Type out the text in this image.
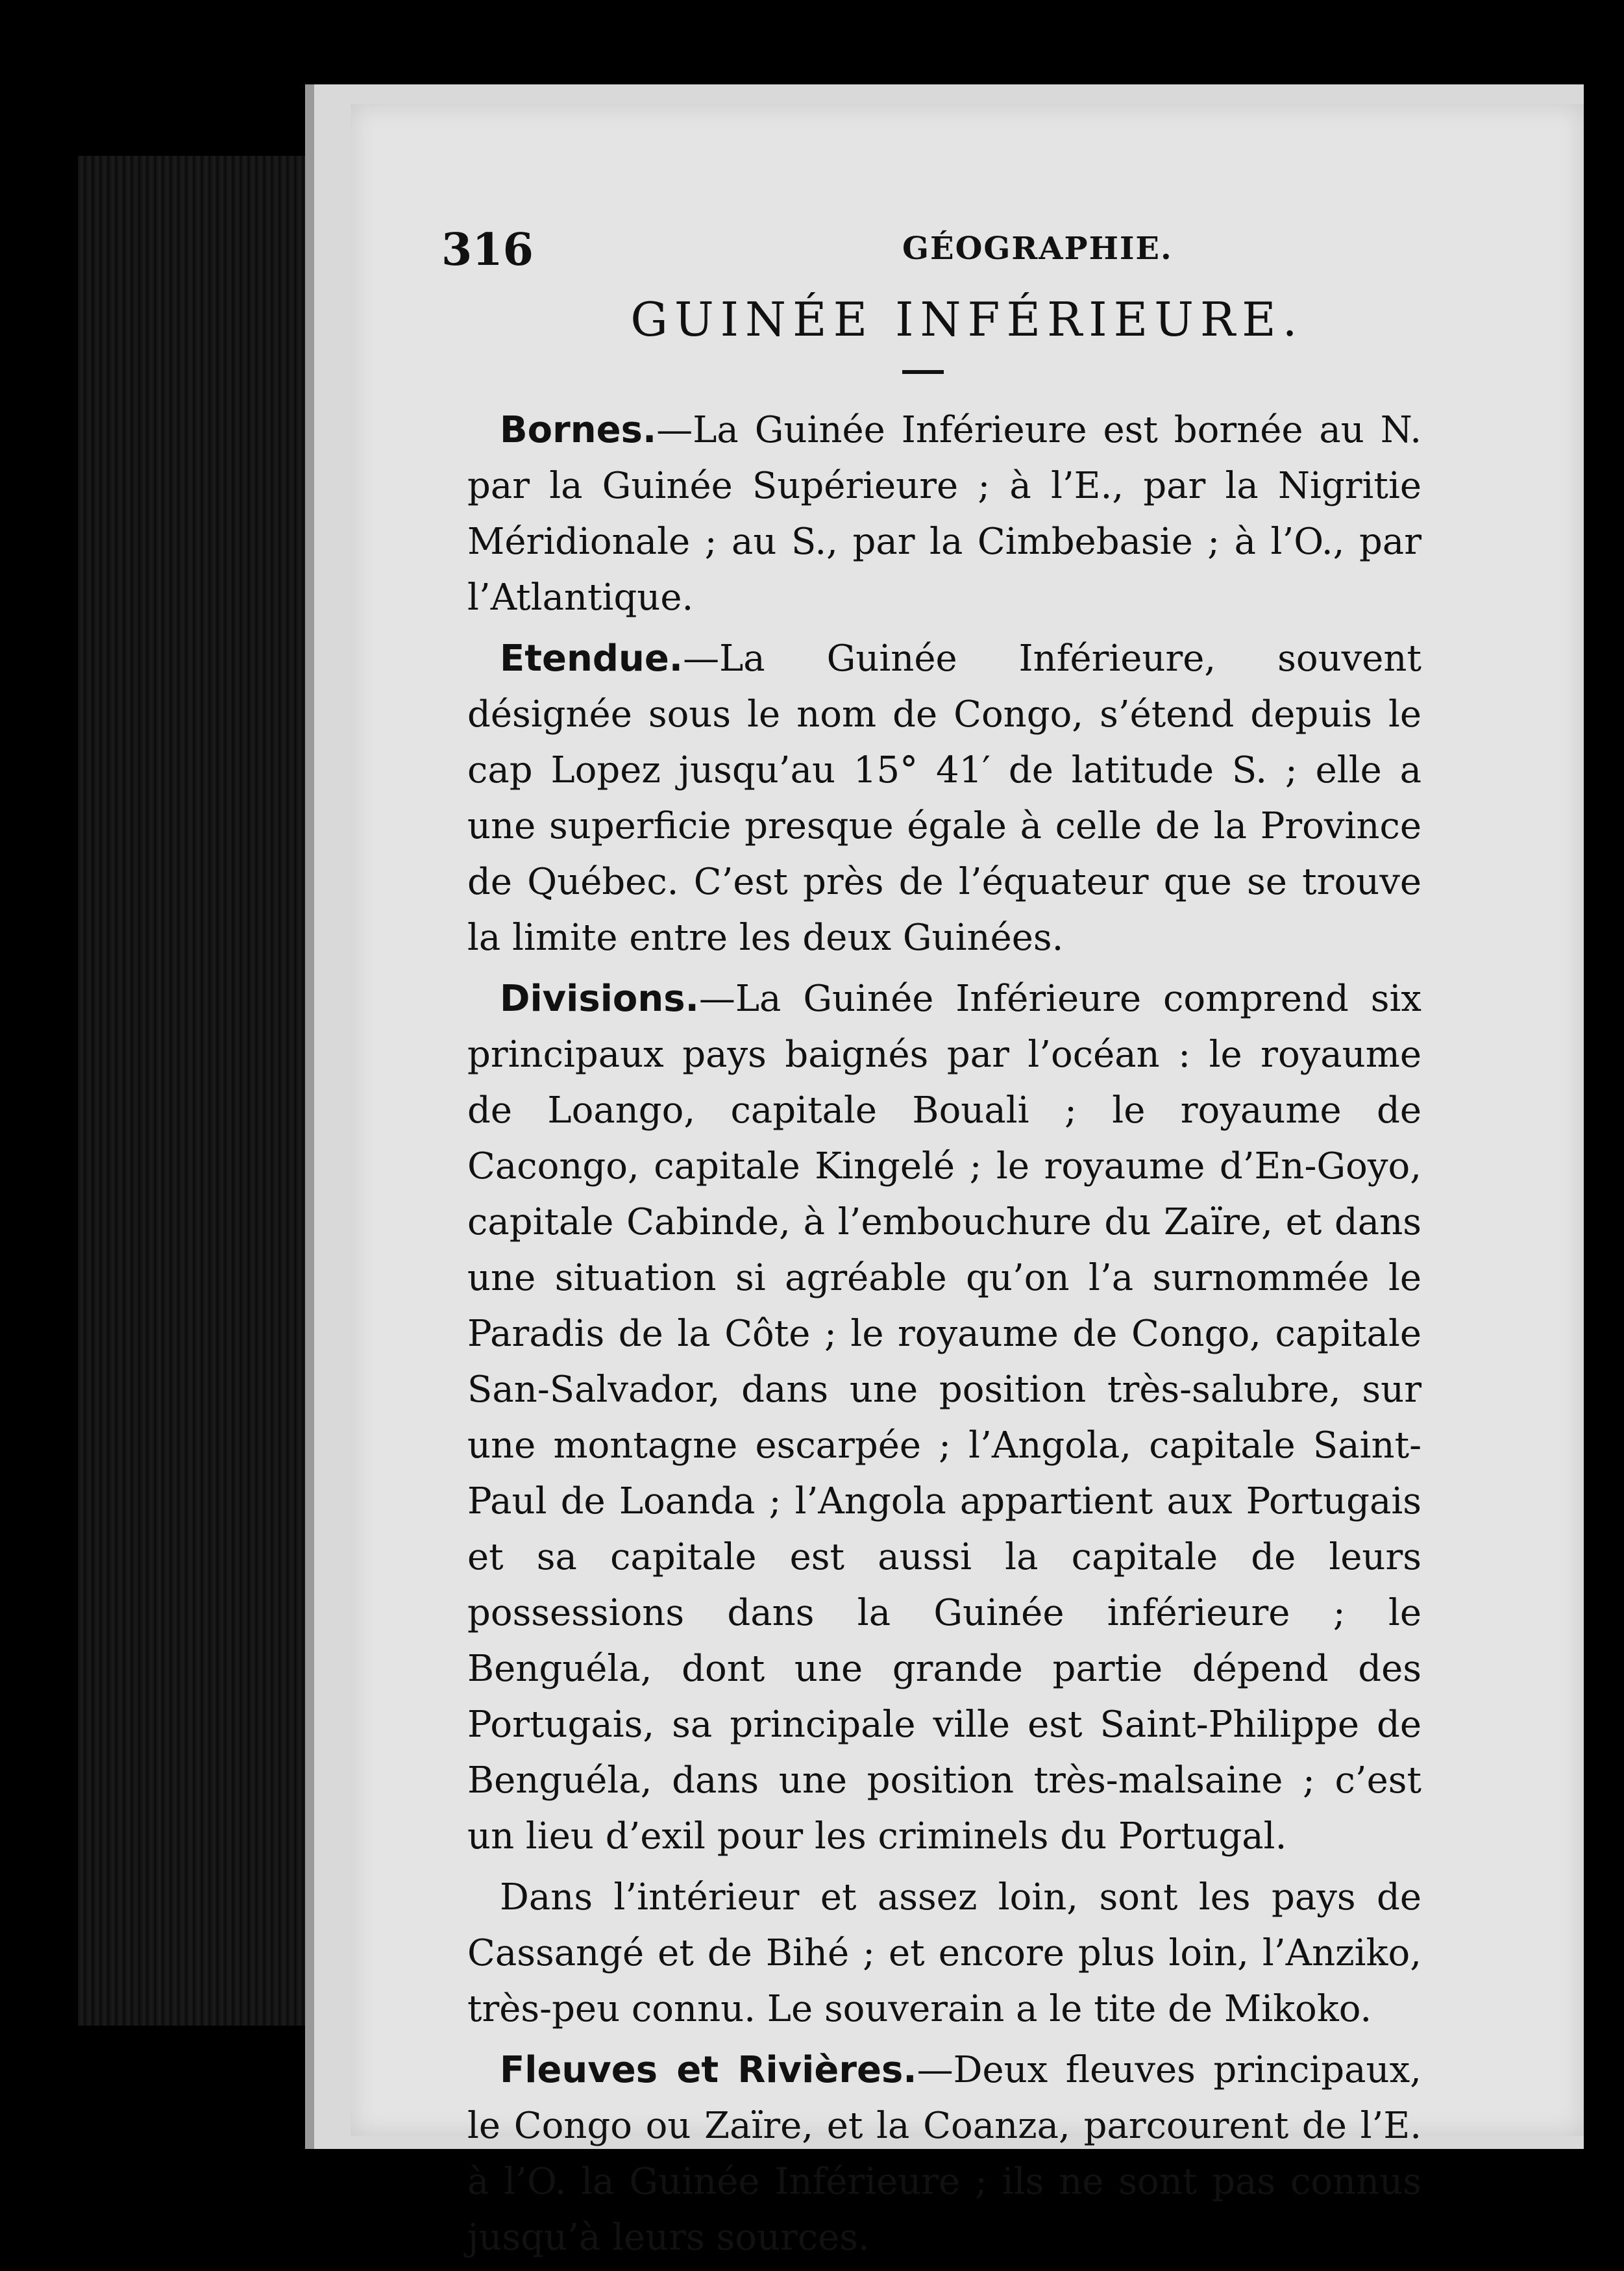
316	GÉOGRAPHIE.
GUINÉE INFÉRIEURE.

Bornes.—La Guinée Inférieure est bornée au N. par la Guinée Supérieure ; à l’E., par la Nigritie Méridionale ; au S., par la Cimbebasie ; à l’O., par l’Atlantique.

Etendue.—La Guinée Inférieure, souvent désignée sous le nom de Congo, s’étend depuis le cap Lopez jusqu’au 15° 41′ de latitude S. ; elle a une superficie presque égale à celle de la Province de Québec. C’est près de l’équateur que se trouve la limite entre les deux Guinées.

Divisions.—La Guinée Inférieure comprend six principaux pays baignés par l’océan : le royaume de Loango, capitale Bouali ; le royaume de Cacongo, capitale Kingelé ; le royaume d’En-Goyo, capitale Cabinde, à l’embouchure du Zaïre, et dans une situation si agréable qu’on l’a surnommée le Paradis de la Côte ; le royaume de Congo, capitale San-Salvador, dans une position très-salubre, sur une montagne escarpée ; l’Angola, capitale Saint-Paul de Loanda ; l’Angola appartient aux Portugais et sa capitale est aussi la capitale de leurs possessions dans la Guinée inférieure ; le Benguéla, dont une grande partie dépend des Portugais, sa principale ville est Saint-Philippe de Benguéla, dans une position très-malsaine ; c’est un lieu d’exil pour les criminels du Portugal.

Dans l’intérieur et assez loin, sont les pays de Cassangé et de Bihé ; et encore plus loin, l’Anziko, très-peu connu. Le souverain a le tite de Mikoko.

Fleuves et Rivières.—Deux fleuves principaux, le Congo ou Zaïre, et la Coanza, parcourent de l’E. à l’O. la Guinée Inférieure ; ils ne sont pas connus jusqu’à leurs sources.
